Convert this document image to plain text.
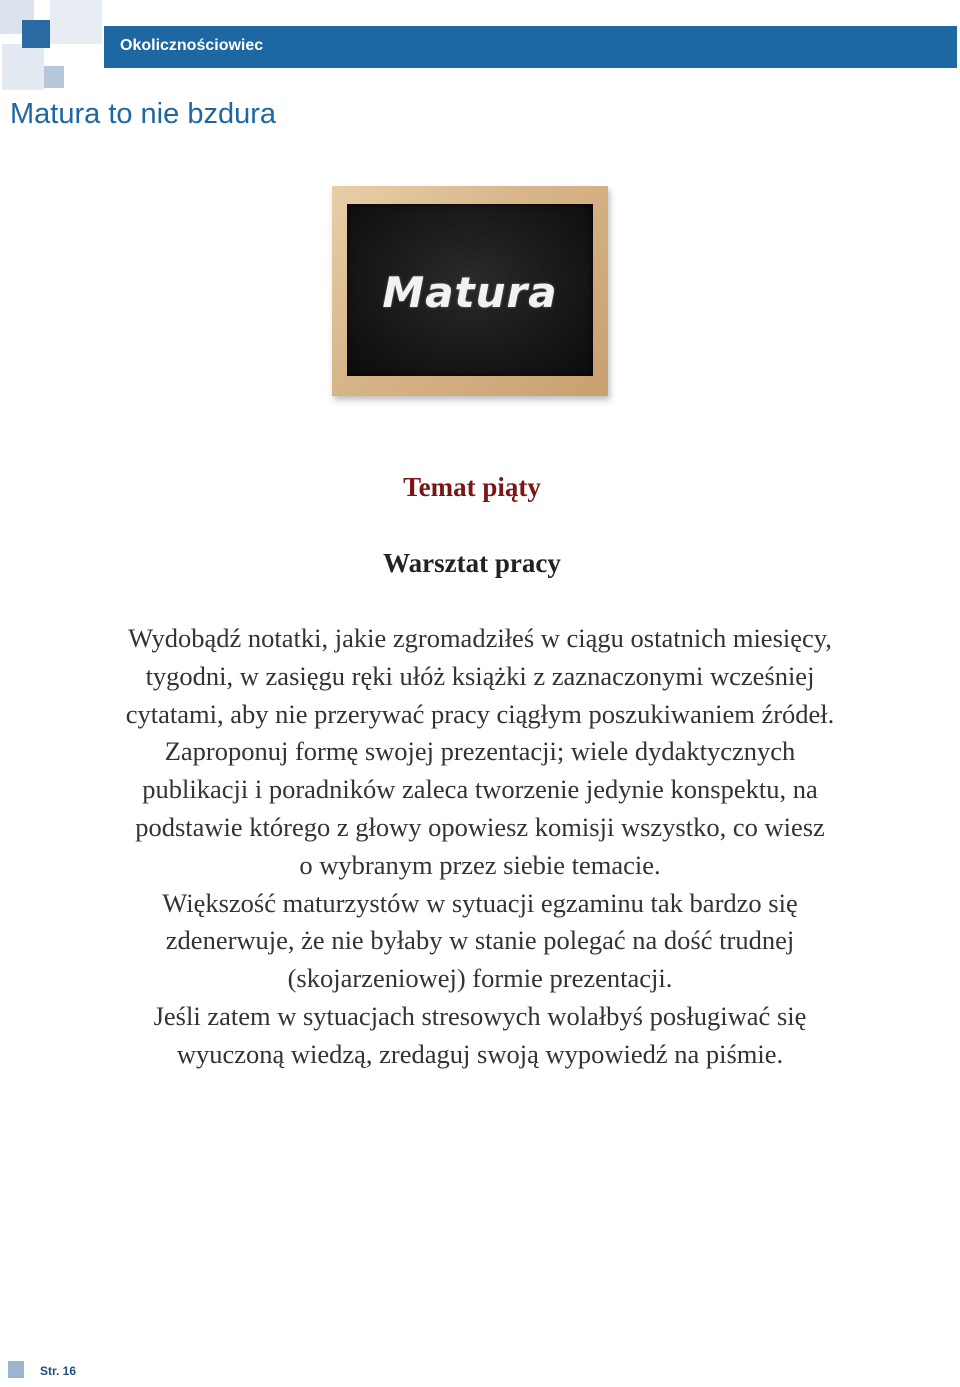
Okolicznościowiec
Matura to nie bzdura
Matura
Temat piąty
Warsztat pracy

Wydobądź notatki, jakie zgromadziłeś w ciągu ostatnich miesięcy,

tygodni, w zasięgu ręki ułóż książki z zaznaczonymi wcześniej

cytatami, aby nie przerywać pracy ciągłym poszukiwaniem źródeł.

Zaproponuj formę swojej prezentacji; wiele dydaktycznych

publikacji i poradników zaleca tworzenie jedynie konspektu, na

podstawie którego z głowy opowiesz komisji wszystko, co wiesz

o wybranym przez siebie temacie.

Większość maturzystów w sytuacji egzaminu tak bardzo się

zdenerwuje, że nie byłaby w stanie polegać na dość trudnej

(skojarzeniowej) formie prezentacji.

Jeśli zatem w sytuacjach stresowych wolałbyś posługiwać się

wyuczoną wiedzą, zredaguj swoją wypowiedź na piśmie.

Str. 16
